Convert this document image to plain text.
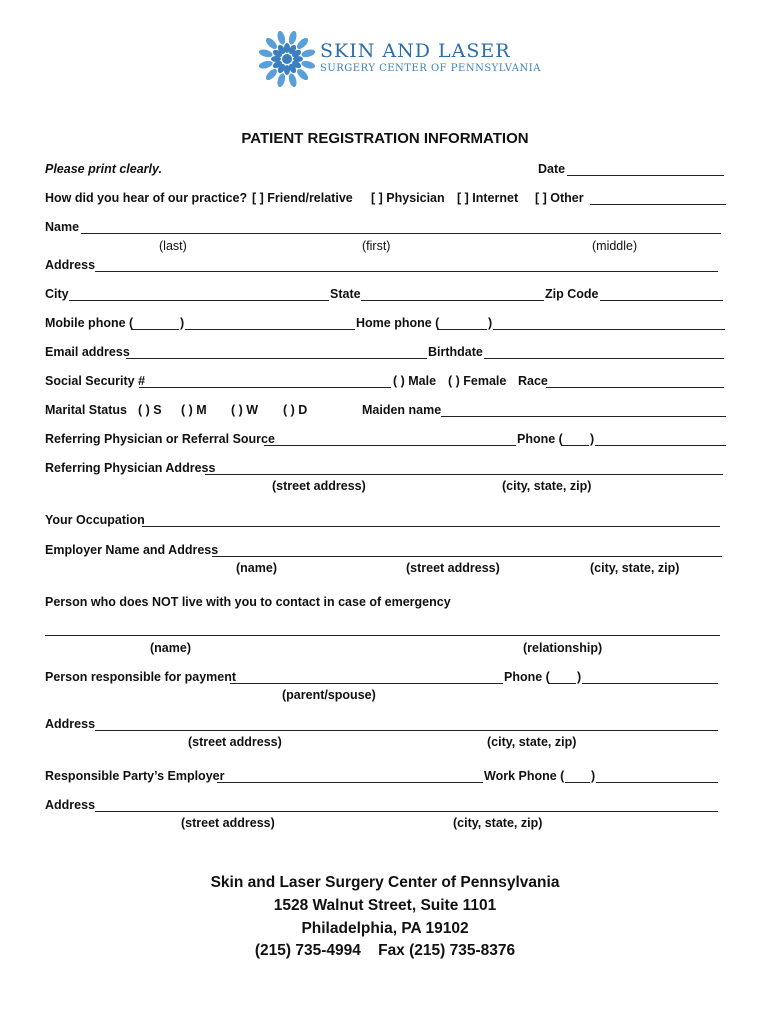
SKIN AND LASER
SURGERY CENTER OF PENNSYLVANIA
PATIENT REGISTRATION INFORMATION
Please print clearly.	Date
How did you hear of our practice? [ ] Friend/relative [ ] Physician [ ] Internet [ ] Other
Name
(last)	(first)	(middle)
Address
City	State	Zip Code
Mobile phone (	)	Home phone (	)
Email address	Birthdate
Social Security #	( ) Male ( ) Female Race
Marital Status ( ) S ( ) M ( ) W ( ) D	Maiden name
Referring Physician or Referral Source	Phone ( )
Referring Physician Address
(street address)	(city, state, zip)
Your Occupation
Employer Name and Address
(name)	(street address)	(city, state, zip)
Person who does NOT live with you to contact in case of emergency
(name)	(relationship)
Person responsible for payment	Phone ( )
(parent/spouse)
Address
(street address)	(city, state, zip)
Responsible Party’s Employer	Work Phone ( )
Address
(street address)	(city, state, zip)
Skin and Laser Surgery Center of Pennsylvania
1528 Walnut Street, Suite 1101
Philadelphia, PA 19102
(215) 735-4994    Fax (215) 735-8376
